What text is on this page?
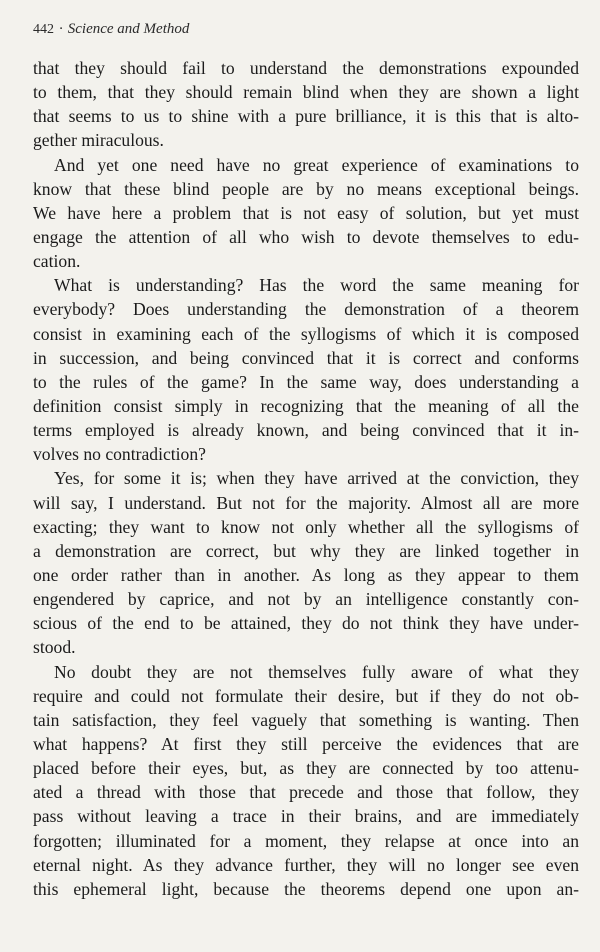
442 · Science and Method
that they should fail to understand the demonstrations expounded
to them, that they should remain blind when they are shown a light
that seems to us to shine with a pure brilliance, it is this that is alto-
gether miraculous.
And yet one need have no great experience of examinations to
know that these blind people are by no means exceptional beings.
We have here a problem that is not easy of solution, but yet must
engage the attention of all who wish to devote themselves to edu-
cation.
What is understanding? Has the word the same meaning for
everybody? Does understanding the demonstration of a theorem
consist in examining each of the syllogisms of which it is composed
in succession, and being convinced that it is correct and conforms
to the rules of the game? In the same way, does understanding a
definition consist simply in recognizing that the meaning of all the
terms employed is already known, and being convinced that it in-
volves no contradiction?
Yes, for some it is; when they have arrived at the conviction, they
will say, I understand. But not for the majority. Almost all are more
exacting; they want to know not only whether all the syllogisms of
a demonstration are correct, but why they are linked together in
one order rather than in another. As long as they appear to them
engendered by caprice, and not by an intelligence constantly con-
scious of the end to be attained, they do not think they have under-
stood.
No doubt they are not themselves fully aware of what they
require and could not formulate their desire, but if they do not ob-
tain satisfaction, they feel vaguely that something is wanting. Then
what happens? At first they still perceive the evidences that are
placed before their eyes, but, as they are connected by too attenu-
ated a thread with those that precede and those that follow, they
pass without leaving a trace in their brains, and are immediately
forgotten; illuminated for a moment, they relapse at once into an
eternal night. As they advance further, they will no longer see even
this ephemeral light, because the theorems depend one upon an-
